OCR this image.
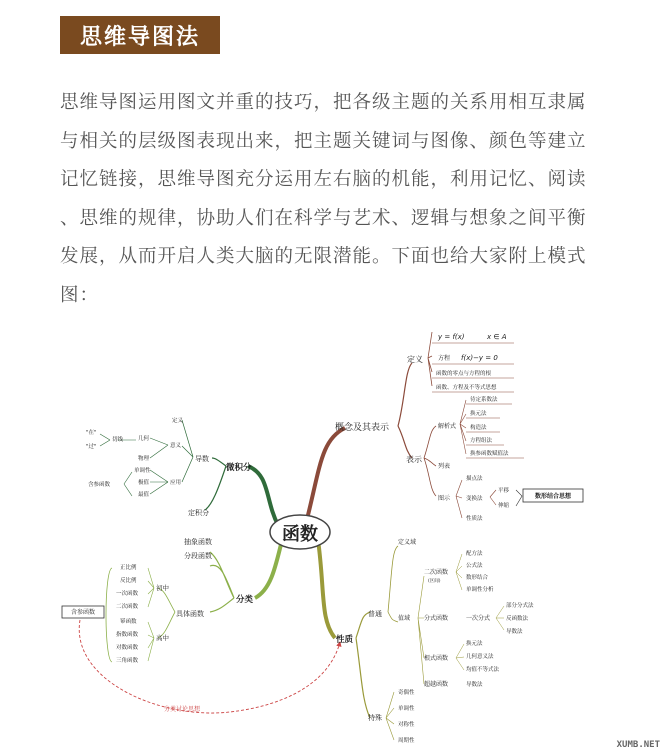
思维导图法
思维导图运用图文并重的技巧，把各级主题的关系用相互隶属
与相关的层级图表现出来，把主题关键词与图像、颜色等建立
记忆链接，思维导图充分运用左右脑的机能，利用记忆、阅读
、思维的规律，协助人们在科学与艺术、逻辑与想象之间平衡
发展，从而开启人类大脑的无限潜能。下面也给大家附上模式
图：
函数
概念及其表示
定义
y = f(x)	x ∈ A
方程 f(x)−y = 0
函数的零点与方程的根
函数、方程及不等式思想
表示
解析式
待定系数法
换元法
构造法
方程组法
换参函数赋值法
列表
图示
描点法
变换法
平移
伸缩
性质法
数形结合思想
微积分
导数
定积分
定义
意义
应用
几何
物理
单调性
极值
最值
切线
含参函数
"在"
"过"
分类
抽象函数
分段函数
具体函数
初中
高中
正比例
反比例
一次函数
二次函数
幂函数
指数函数
对数函数
三角函数
含参函数
分类讨论思想
性质
普通
特殊
定义域
值域
二次函数
(区间)
配方法
公式法
数形结合
单调性分析
分式函数	一次分式
部分分式法
反函数法
导数法
根式函数
换元法
几何意义法
均值不等式法
超越函数	导数法
奇偶性
单调性
对称性
周期性	XUMB.NET
